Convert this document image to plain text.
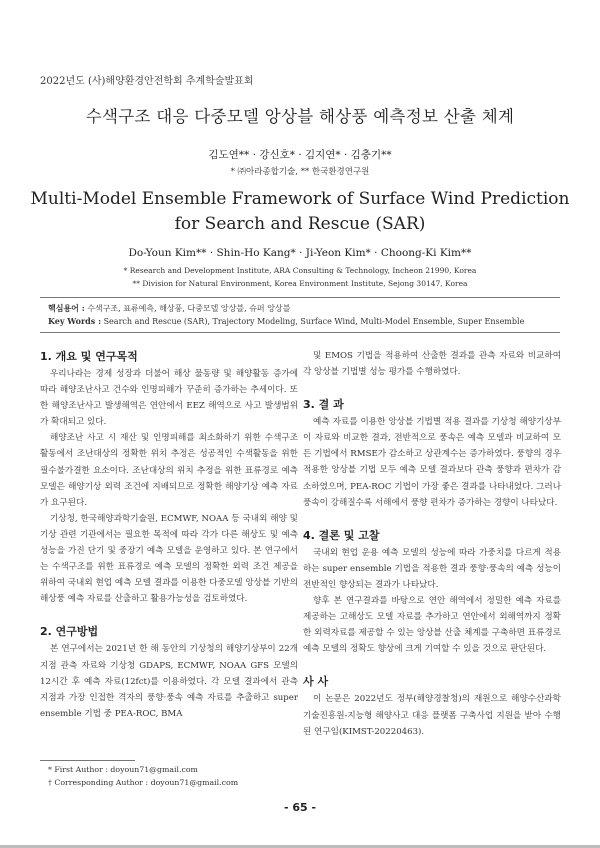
2022년도 (사)해양환경안전학회 추계학술발표회
수색구조 대응 다중모델 앙상블 해상풍 예측정보 산출 체계
김도연** · 강신호* · 김지연* · 김충기**
* ㈜아라종합기술, ** 한국환경연구원
Multi-Model Ensemble Framework of Surface Wind Prediction
for Search and Rescue (SAR)
Do-Youn Kim** · Shin-Ho Kang* · Ji-Yeon Kim* · Choong-Ki Kim**
* Research and Development Institute, ARA Consulting & Technology, Incheon 21990, Korea
** Division for Natural Environment, Korea Environment Institute, Sejong 30147, Korea
핵심용어 : 수색구조, 표류예측, 해상풍, 다중모델 앙상블, 슈퍼 앙상블
Key Words : Search and Rescue (SAR), Trajectory Modeling, Surface Wind, Multi-Model Ensemble, Super Ensemble
1. 개요 및 연구목적

우리나라는 경제 성장과 더불어 해상 물동량 및 해양활동 증가에 따라 해양조난사고 건수와 인명피해가 꾸준히 증가하는 추세이다. 또한 해양조난사고 발생해역은 연안에서 EEZ 해역으로 사고 발생범위가 확대되고 있다.

해양조난 사고 시 재산 및 인명피해를 최소화하기 위한 수색구조 활동에서 조난대상의 정확한 위치 추정은 성공적인 수색활동을 위한 필수불가결한 요소이다. 조난대상의 위치 추정을 위한 표류경로 예측 모델은 해양기상 외력 조건에 지배되므로 정확한 해양기상 예측 자료가 요구된다.

기상청, 한국해양과학기술원, ECMWF, NOAA 등 국내외 해양 및 기상 관련 기관에서는 필요한 목적에 따라 각가 다른 해상도 및 예측 성능을 가진 단기 및 중장기 예측 모델을 운영하고 있다. 본 연구에서는 수색구조를 위한 표류경로 예측 모델의 정확한 외력 조건 제공을 위하여 국내외 현업 예측 모델 결과를 이용한 다중모델 앙상블 기반의 해상풍 예측 자료를 산출하고 활용가능성을 검토하였다.

2. 연구방법

본 연구에서는 2021년 한 해 동안의 기상청의 해양기상부이 22개 지점 관측 자료와 기상청 GDAPS, ECMWF, NOAA GFS 모델의 12시간 후 예측 자료(12fct)를 이용하였다. 각 모델 결과에서 관측 지점과 가장 인접한 격자의 풍향·풍속 예측 자료를 추출하고 super ensemble 기법 중 PEA-ROC, BMA

및 EMOS 기법을 적용하여 산출한 결과를 관측 자료와 비교하여 각 앙상블 기법별 성능 평가를 수행하였다.

3. 결 과

예측 자료를 이용한 앙상블 기법별 적용 결과를 기상청 해양기상부이 자료와 비교한 결과, 전반적으로 풍속은 예측 모델과 비교하여 모든 기법에서 RMSE가 감소하고 상관계수는 증가하였다. 풍향의 경우 적용한 앙상블 기법 모두 예측 모델 결과보다 관측 풍향과 편차가 감소하였으며, PEA-ROC 기법이 가장 좋은 결과를 나타내었다. 그러나 풍속이 강해질수록 서해에서 풍향 편차가 증가하는 경향이 나타났다.

4. 결론 및 고찰

국내외 현업 운용 예측 모델의 성능에 따라 가중치를 다르게 적용하는 super ensemble 기법을 적용한 결과 풍향·풍속의 예측 성능이 전반적인 향상되는 결과가 나타났다.

향후 본 연구결과를 바탕으로 연안 해역에서 정밀한 예측 자료를 제공하는 고해상도 모델 자료를 추가하고 연안에서 외해역까지 정확한 외력자료를 제공할 수 있는 앙상블 산출 체계를 구축하면 표류경로 예측 모델의 정확도 향상에 크게 기여할 수 있을 것으로 판단된다.

사 사

이 논문은 2022년도 정부(해양경찰청)의 재원으로 해양수산과학기술진흥원-지능형 해양사고 대응 플랫폼 구축사업 지원을 받아 수행된 연구임(KIMST-20220463).

* First Author : doyoun71@gmail.com
† Corresponding Author : doyoun71@gmail.com
- 65 -
